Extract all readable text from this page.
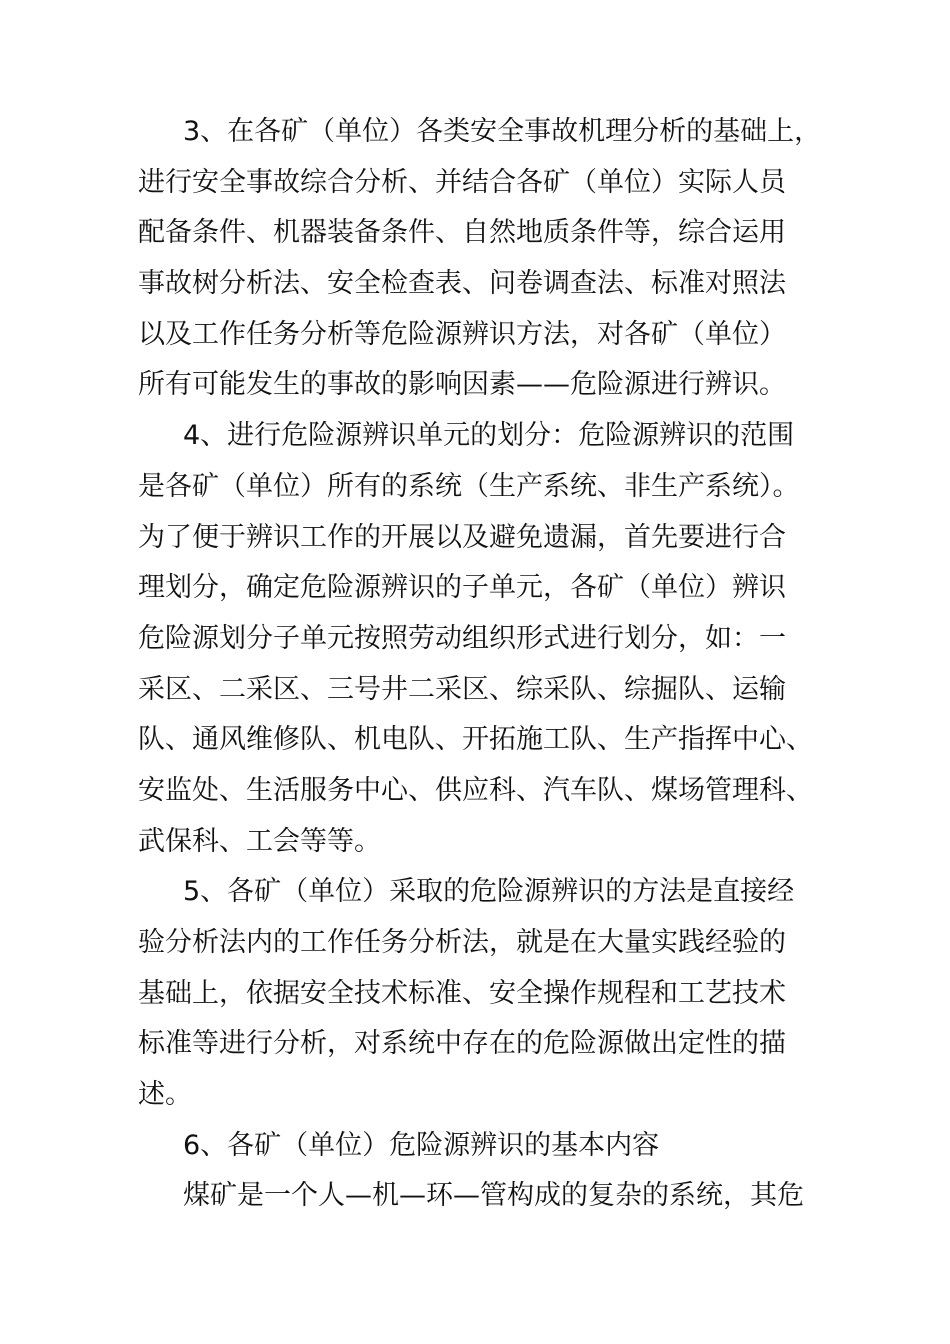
3、在各矿（单位）各类安全事故机理分析的基础上，
进行安全事故综合分析、并结合各矿（单位）实际人员
配备条件、机器装备条件、自然地质条件等，综合运用
事故树分析法、安全检查表、问卷调查法、标准对照法
以及工作任务分析等危险源辨识方法，对各矿（单位）
所有可能发生的事故的影响因素——危险源进行辨识。
4、进行危险源辨识单元的划分：危险源辨识的范围
是各矿（单位）所有的系统（生产系统、非生产系统）。
为了便于辨识工作的开展以及避免遗漏，首先要进行合
理划分，确定危险源辨识的子单元，各矿（单位）辨识
危险源划分子单元按照劳动组织形式进行划分，如：一
采区、二采区、三号井二采区、综采队、综掘队、运输
队、通风维修队、机电队、开拓施工队、生产指挥中心、
安监处、生活服务中心、供应科、汽车队、煤场管理科、
武保科、工会等等。
5、各矿（单位）采取的危险源辨识的方法是直接经
验分析法内的工作任务分析法，就是在大量实践经验的
基础上，依据安全技术标准、安全操作规程和工艺技术
标准等进行分析，对系统中存在的危险源做出定性的描
述。
6、各矿（单位）危险源辨识的基本内容
煤矿是一个人—机—环—管构成的复杂的系统，其危
